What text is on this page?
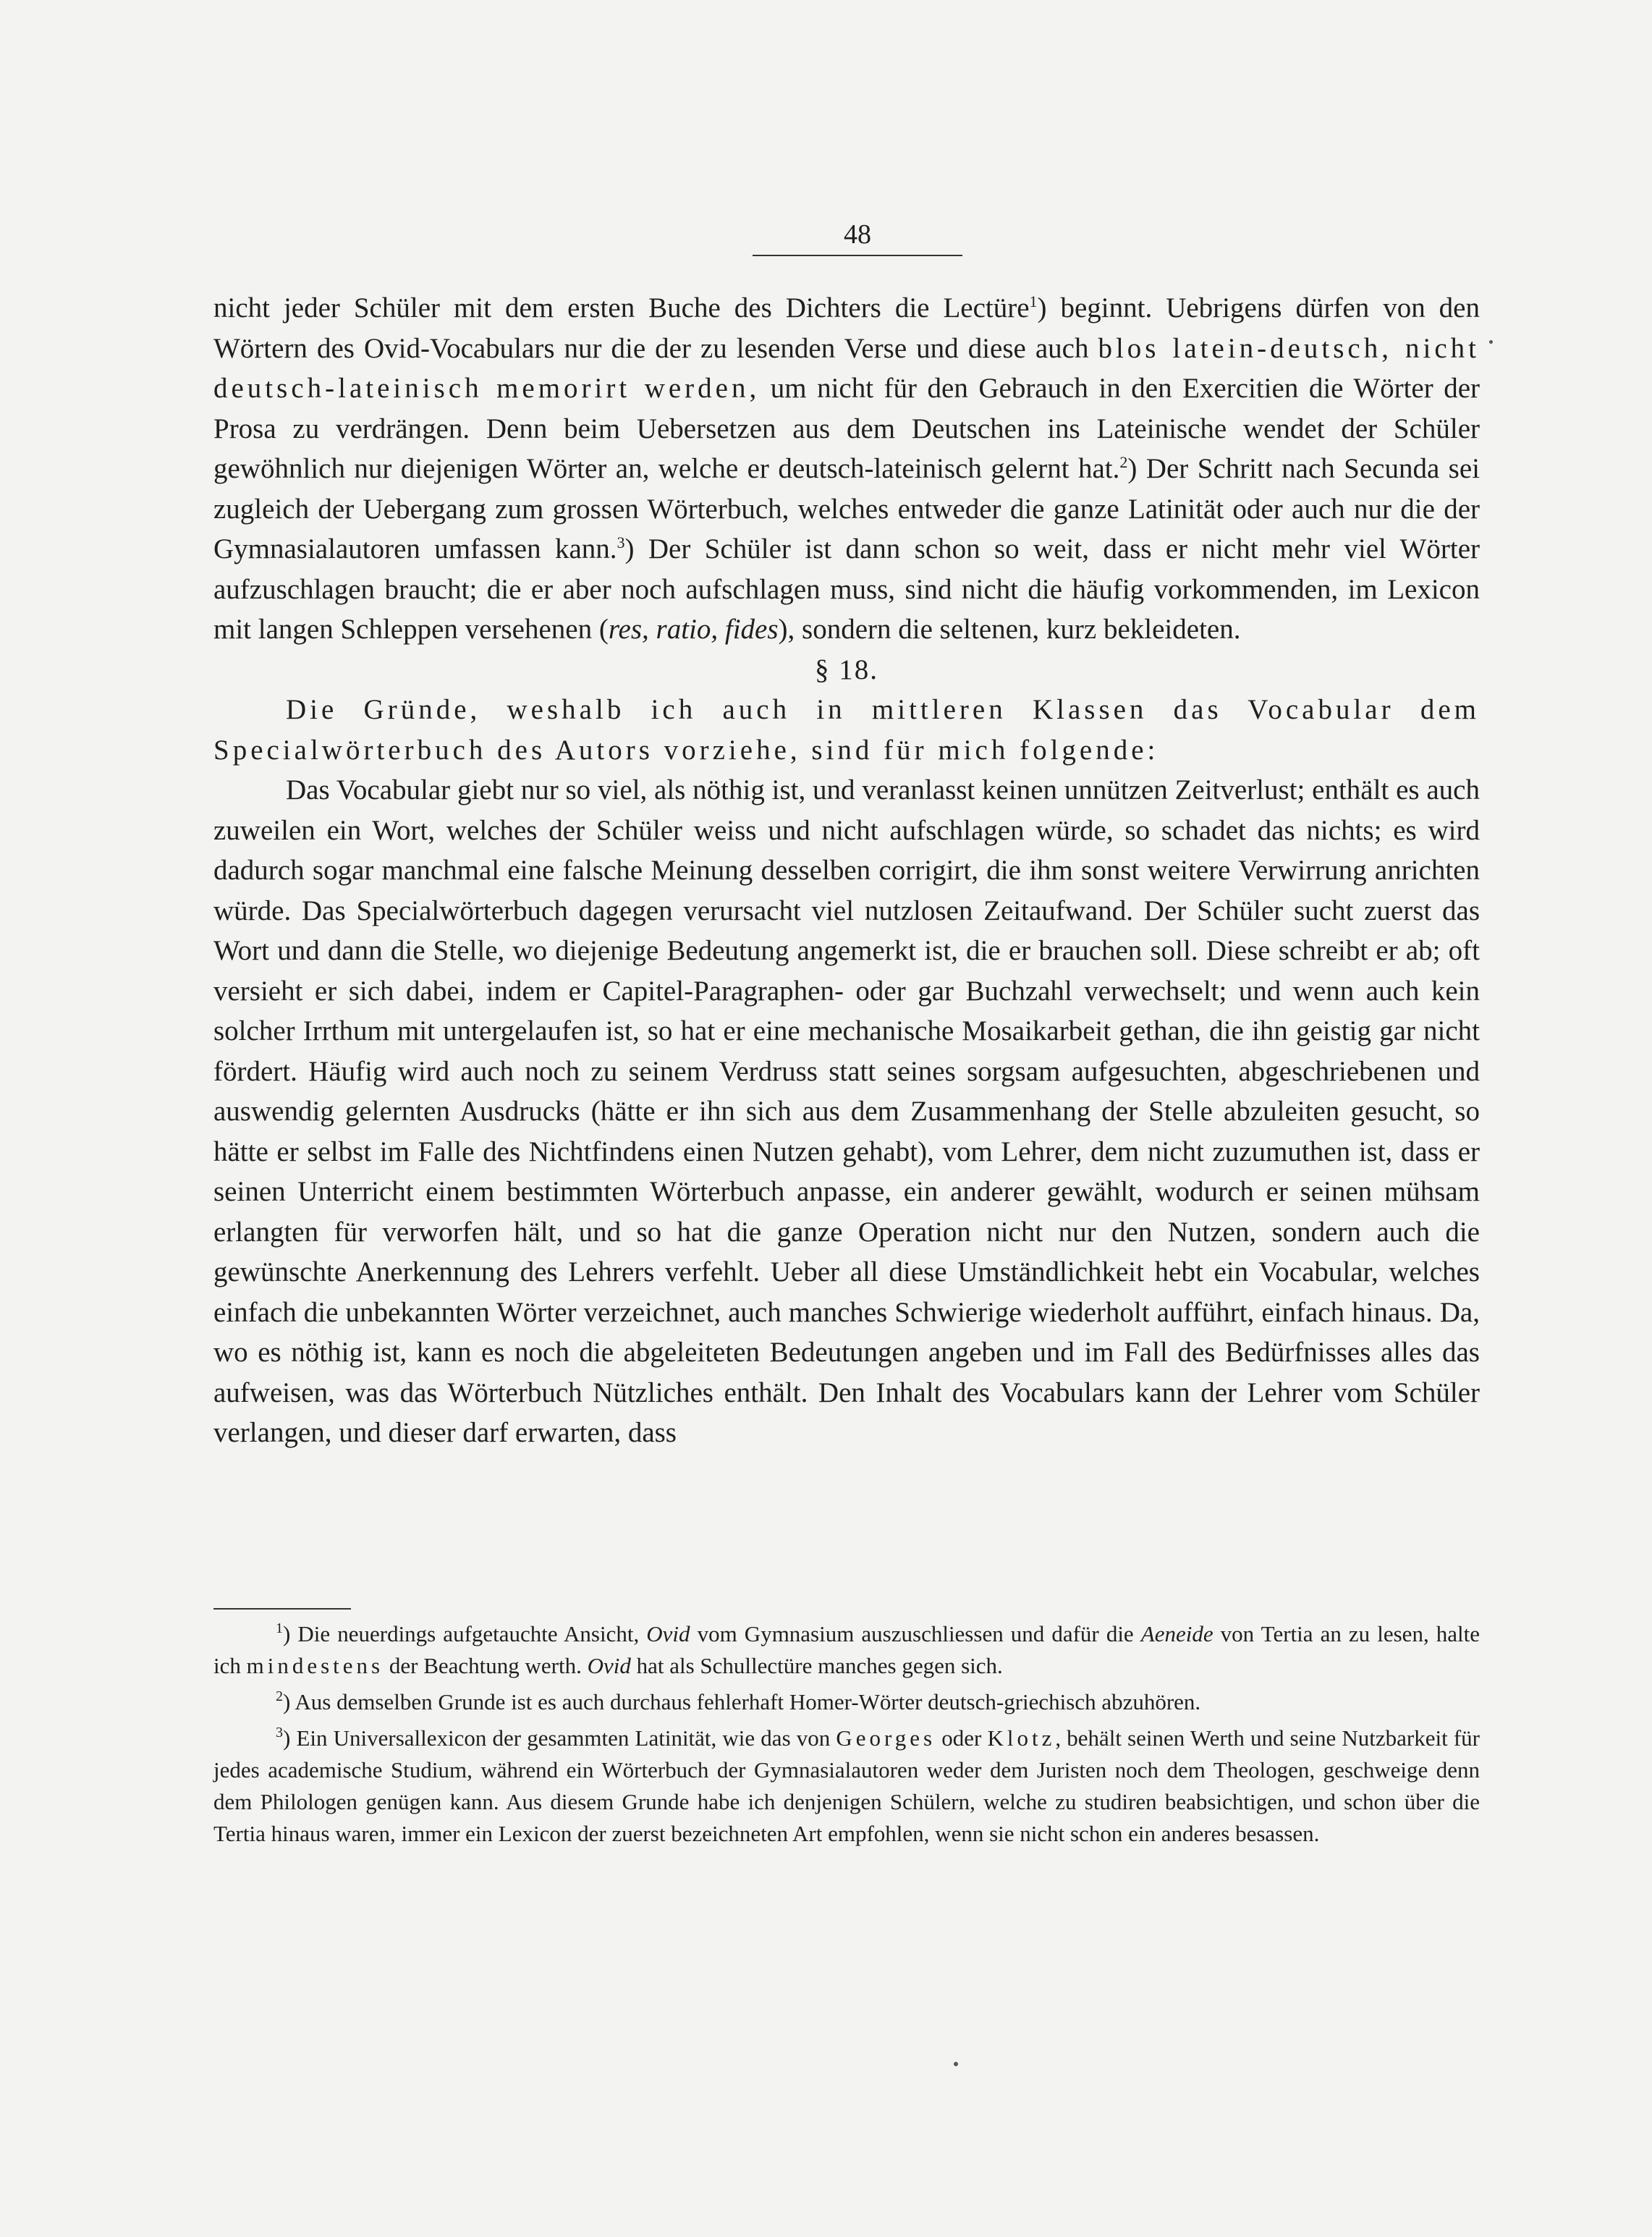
48

nicht jeder Schüler mit dem ersten Buche des Dichters die Lectüre$^1$) beginnt. Uebrigens dürfen von den Wörtern des Ovid-Vocabulars nur die der zu lesenden Verse und diese auch blos latein-deutsch, nicht deutsch-lateinisch memorirt werden, um nicht für den Gebrauch in den Exercitien die Wörter der Prosa zu verdrängen. Denn beim Uebersetzen aus dem Deutschen ins Lateinische wendet der Schüler gewöhnlich nur diejenigen Wörter an, welche er deutsch-lateinisch gelernt hat.$^2$) Der Schritt nach Secunda sei zugleich der Uebergang zum grossen Wörterbuch, welches entweder die ganze Latinität oder auch nur die der Gymnasialautoren umfassen kann.$^3$) Der Schüler ist dann schon so weit, dass er nicht mehr viel Wörter aufzuschlagen braucht; die er aber noch aufschlagen muss, sind nicht die häufig vorkommenden, im Lexicon mit langen Schleppen versehenen (res, ratio, fides), sondern die seltenen, kurz bekleideten.

§ 18.

Die Gründe, weshalb ich auch in mittleren Klassen das Vocabular dem Specialwörterbuch des Autors vorziehe, sind für mich folgende:

Das Vocabular giebt nur so viel, als nöthig ist, und veranlasst keinen unnützen Zeitverlust; enthält es auch zuweilen ein Wort, welches der Schüler weiss und nicht aufschlagen würde, so schadet das nichts; es wird dadurch sogar manchmal eine falsche Meinung desselben corrigirt, die ihm sonst weitere Verwirrung anrichten würde. Das Specialwörterbuch dagegen verursacht viel nutzlosen Zeitaufwand. Der Schüler sucht zuerst das Wort und dann die Stelle, wo diejenige Bedeutung angemerkt ist, die er brauchen soll. Diese schreibt er ab; oft versieht er sich dabei, indem er Capitel-Paragraphen- oder gar Buchzahl verwechselt; und wenn auch kein solcher Irrthum mit untergelaufen ist, so hat er eine mechanische Mosaikarbeit gethan, die ihn geistig gar nicht fördert. Häufig wird auch noch zu seinem Verdruss statt seines sorgsam aufgesuchten, abgeschriebenen und auswendig gelernten Ausdrucks (hätte er ihn sich aus dem Zusammenhang der Stelle abzuleiten gesucht, so hätte er selbst im Falle des Nichtfindens einen Nutzen gehabt), vom Lehrer, dem nicht zuzumuthen ist, dass er seinen Unterricht einem bestimmten Wörterbuch anpasse, ein anderer gewählt, wodurch er seinen mühsam erlangten für verworfen hält, und so hat die ganze Operation nicht nur den Nutzen, sondern auch die gewünschte Anerkennung des Lehrers verfehlt. Ueber all diese Umständlichkeit hebt ein Vocabular, welches einfach die unbekannten Wörter verzeichnet, auch manches Schwierige wiederholt aufführt, einfach hinaus. Da, wo es nöthig ist, kann es noch die abgeleiteten Bedeutungen angeben und im Fall des Bedürfnisses alles das aufweisen, was das Wörterbuch Nützliches enthält. Den Inhalt des Vocabulars kann der Lehrer vom Schüler verlangen, und dieser darf erwarten, dass

$^1$) Die neuerdings aufgetauchte Ansicht, Ovid vom Gymnasium auszuschliessen und dafür die Aeneide von Tertia an zu lesen, halte ich mindestens der Beachtung werth. Ovid hat als Schullectüre manches gegen sich.

$^2$) Aus demselben Grunde ist es auch durchaus fehlerhaft Homer-Wörter deutsch-griechisch abzuhören.

$^3$) Ein Universallexicon der gesammten Latinität, wie das von Georges oder Klotz, behält seinen Werth und seine Nutzbarkeit für jedes academische Studium, während ein Wörterbuch der Gymnasialautoren weder dem Juristen noch dem Theologen, geschweige denn dem Philologen genügen kann. Aus diesem Grunde habe ich denjenigen Schülern, welche zu studiren beabsichtigen, und schon über die Tertia hinaus waren, immer ein Lexicon der zuerst bezeichneten Art empfohlen, wenn sie nicht schon ein anderes besassen.
